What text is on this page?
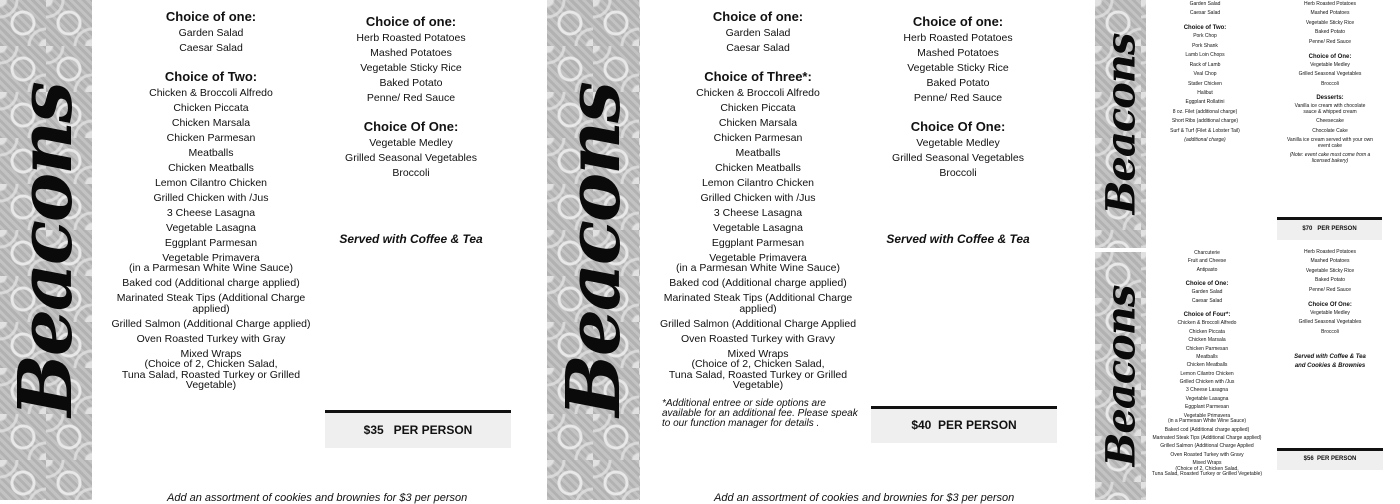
Beacons
Choice of one:
Garden Salad
Caesar Salad
Choice of Two:
Chicken & Broccoli Alfredo
Chicken Piccata
Chicken Marsala
Chicken Parmesan
Meatballs
Chicken Meatballs
Lemon Cilantro Chicken
Grilled Chicken with /Jus
3 Cheese Lasagna
Vegetable Lasagna
Eggplant Parmesan
Vegetable Primavera
(in a Parmesan White Wine Sauce)
Baked cod (Additional charge applied)
Marinated Steak Tips (Additional Charge applied)
Grilled Salmon (Additional Charge applied)
Oven Roasted Turkey with Gray
Mixed Wraps
(Choice of 2, Chicken Salad,
Tuna Salad, Roasted Turkey or Grilled Vegetable)
Choice of one:
Herb Roasted Potatoes
Mashed Potatoes
Vegetable Sticky Rice
Baked Potato
Penne/ Red Sauce
Choice Of One:
Vegetable Medley
Grilled Seasonal Vegetables
Broccoli
Served with Coffee & Tea
$35   PER PERSON
Add an assortment of cookies and brownies for $3 per person
Beacons
Choice of one:
Garden Salad
Caesar Salad
Choice of Three*:
Chicken & Broccoli Alfredo
Chicken Piccata
Chicken Marsala
Chicken Parmesan
Meatballs
Chicken Meatballs
Lemon Cilantro Chicken
Grilled Chicken with /Jus
3 Cheese Lasagna
Vegetable Lasagna
Eggplant Parmesan
Vegetable Primavera
(in a Parmesan White Wine Sauce)
Baked cod (Additional charge applied)
Marinated Steak Tips (Additional Charge applied)
Grilled Salmon (Additional Charge Applied
Oven Roasted Turkey with Gravy
Mixed Wraps
(Choice of 2, Chicken Salad,
Tuna Salad, Roasted Turkey or Grilled Vegetable)
Choice of one:
Herb Roasted Potatoes
Mashed Potatoes
Vegetable Sticky Rice
Baked Potato
Penne/ Red Sauce
Choice Of One:
Vegetable Medley
Grilled Seasonal Vegetables
Broccoli
Served with Coffee & Tea
*Additional entree or side options are available for an additional fee. Please speak to our function manager for details .	$40  PER PERSON
Add an assortment of cookies and brownies for $3 per person
Beacons
Garden Salad
Caesar Salad
Choice of Two:
Pork Chop
Pork Shank
Lamb Loin Chops
Rack of Lamb
Veal Chop
Statler Chicken
Halibut
Eggplant Rollatini
8 oz. Filet (additional charge)
Short Ribs (additional charge)
Surf & Turf (Filet & Lobster Tail)
(additional charge)
Herb Roasted Potatoes
Mashed Potatoes
Vegetable Sticky Rice
Baked Potato
Penne/ Red Sauce
Choice of One:
Vegetable Medley
Grilled Seasonal Vegetables
Broccoli
Desserts:
Vanilla ice cream with chocolate
sauce & whipped cream
Cheesecake
Chocolate Cake
Vanilla ice cream served with your own
event cake
(Note: event cake must come from a
licensed bakery)
$70   PER PERSON
Beacons
Charcuterie
Fruit and Cheese
Antipasto
Choice of One:
Garden Salad
Caesar Salad
Choice of Four*:
Chicken & Broccoli Alfredo
Chicken Piccata
Chicken Marsala
Chicken Parmesan
Meatballs
Chicken Meatballs
Lemon Cilantro Chicken
Grilled Chicken with /Jus
3 Cheese Lasagna
Vegetable Lasagna
Eggplant Parmesan
Vegetable Primavera
(in a Parmesan White Wine Sauce)
Baked cod (Additional charge applied)
Marinated Steak Tips (Additional Charge applied)
Grilled Salmon (Additional Charge Applied
Oven Roasted Turkey with Gravy
Mixed Wraps
(Choice of 2, Chicken Salad,
Tuna Salad, Roasted Turkey or Grilled Vegetable)
Herb Roasted Potatoes
Mashed Potatoes
Vegetable Sticky Rice
Baked Potato
Penne/ Red Sauce
Choice Of One:
Vegetable Medley
Grilled Seasonal Vegetables
Broccoli
Served with Coffee & Tea
and Cookies & Brownies
$56  PER PERSON
